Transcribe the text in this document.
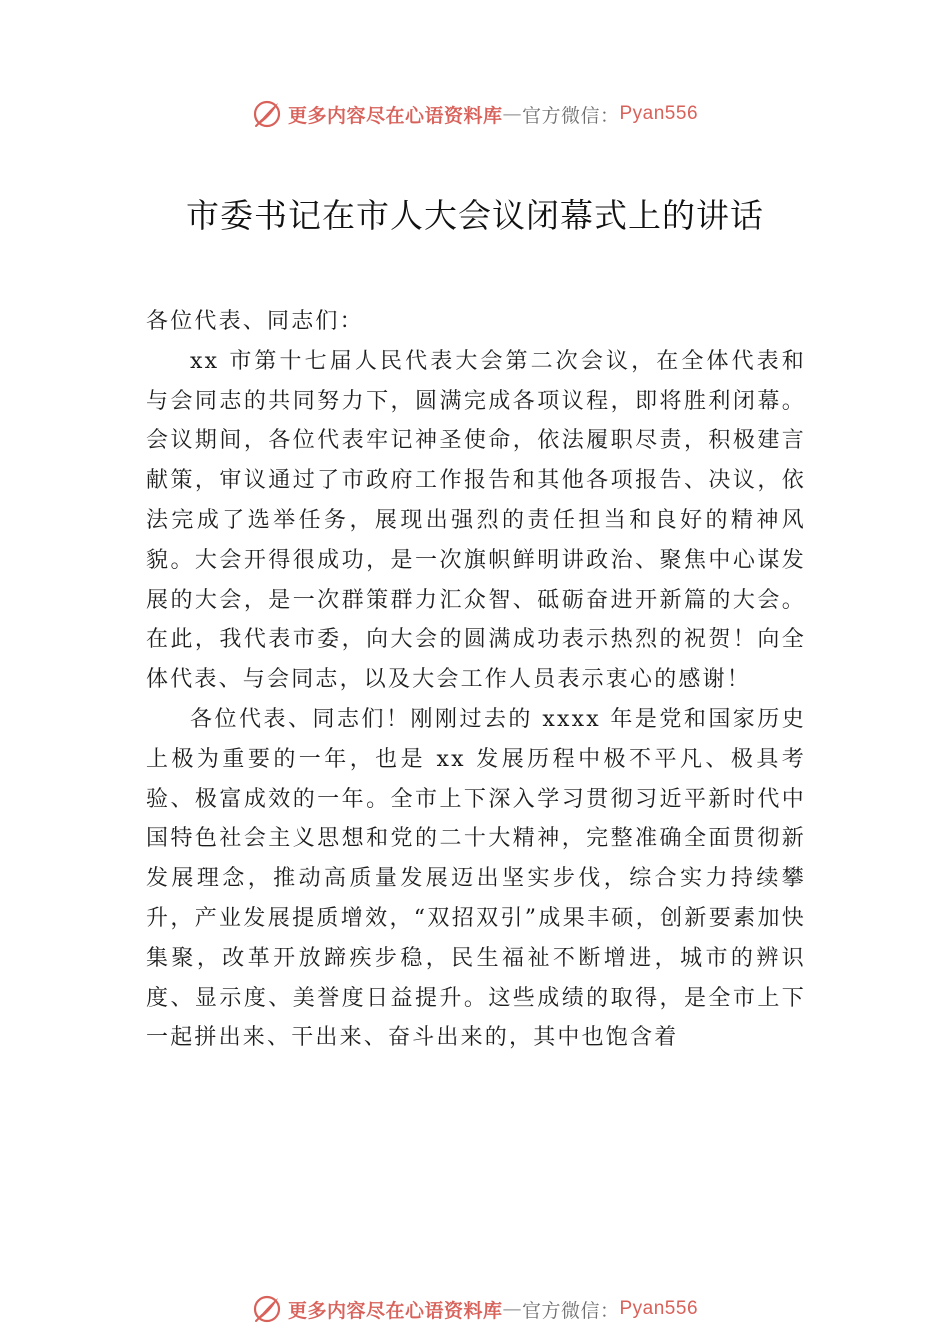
更多内容尽在心语资料库 — 官方微信： Pyan556
市委书记在市人大会议闭幕式上的讲话

各位代表、同志们：

xx 市第十七届人民代表大会第二次会议，在全体代表和与会同志的共同努力下，圆满完成各项议程，即将胜利闭幕。会议期间，各位代表牢记神圣使命，依法履职尽责，积极建言献策，审议通过了市政府工作报告和其他各项报告、决议，依法完成了选举任务，展现出强烈的责任担当和良好的精神风貌。大会开得很成功，是一次旗帜鲜明讲政治、聚焦中心谋发展的大会，是一次群策群力汇众智、砥砺奋进开新篇的大会。在此，我代表市委，向大会的圆满成功表示热烈的祝贺！向全体代表、与会同志，以及大会工作人员表示衷心的感谢！

各位代表、同志们！刚刚过去的 xxxx 年是党和国家历史上极为重要的一年，也是 xx 发展历程中极不平凡、极具考验、极富成效的一年。全市上下深入学习贯彻习近平新时代中国特色社会主义思想和党的二十大精神，完整准确全面贯彻新发展理念，推动高质量发展迈出坚实步伐，综合实力持续攀升，产业发展提质增效，“双招双引”成果丰硕，创新要素加快集聚，改革开放蹄疾步稳，民生福祉不断增进，城市的辨识度、显示度、美誉度日益提升。这些成绩的取得，是全市上下一起拼出来、干出来、奋斗出来的，其中也饱含着

更多内容尽在心语资料库 — 官方微信： Pyan556
